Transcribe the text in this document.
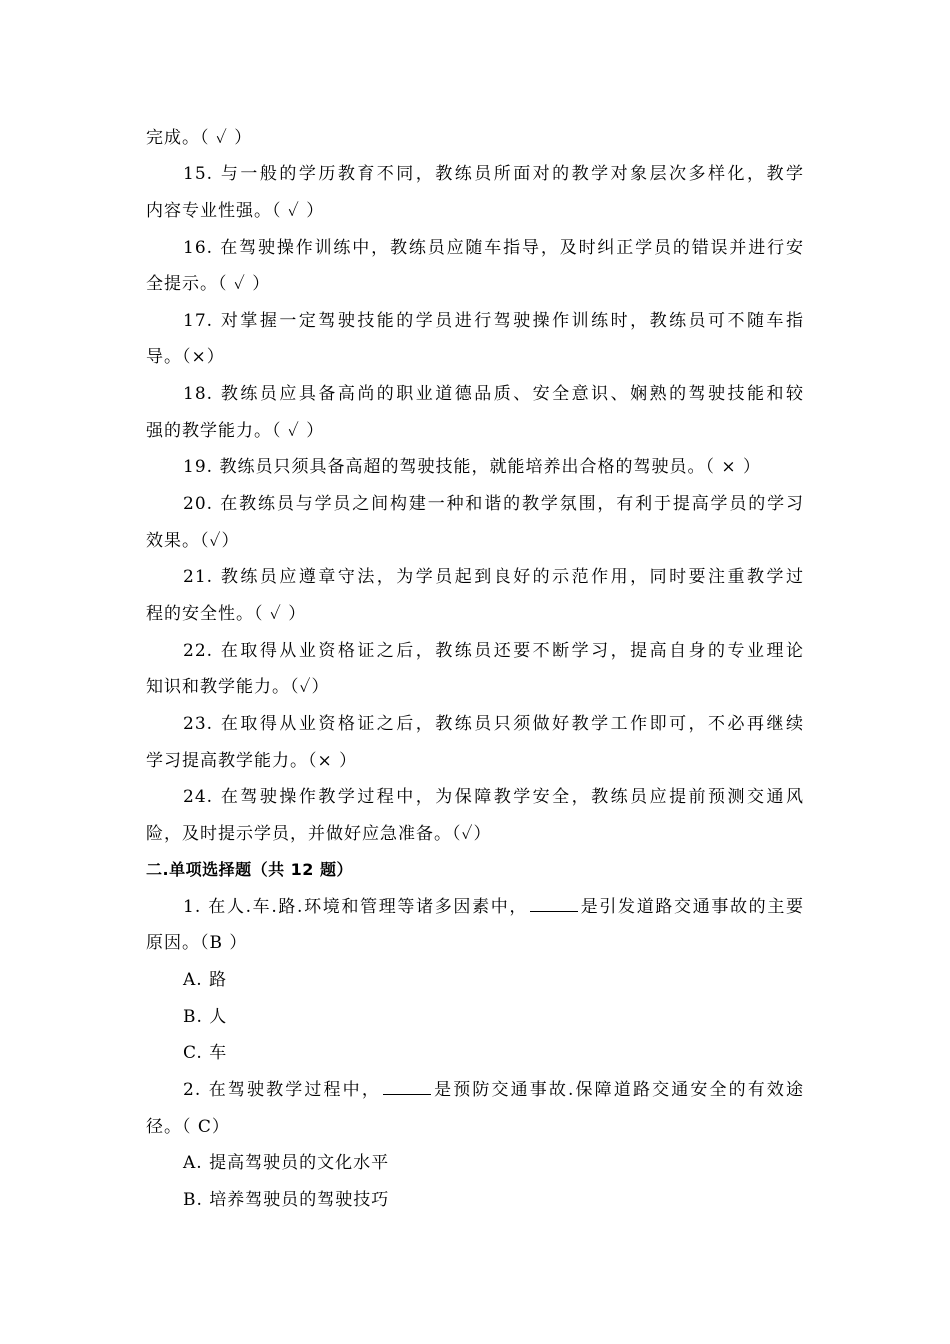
完成。（ ✓ ）
15. 与一般的学历教育不同，教练员所面对的教学对象层次多样化，教学
内容专业性强。（ ✓ ）
16. 在驾驶操作训练中，教练员应随车指导，及时纠正学员的错误并进行安
全提示。（ ✓ ）
17. 对掌握一定驾驶技能的学员进行驾驶操作训练时，教练员可不随车指
导。（×）
18. 教练员应具备高尚的职业道德品质、安全意识、娴熟的驾驶技能和较
强的教学能力。（ ✓ ）
19. 教练员只须具备高超的驾驶技能，就能培养出合格的驾驶员。（ × ）
20. 在教练员与学员之间构建一种和谐的教学氛围，有利于提高学员的学习
效果。（✓）
21. 教练员应遵章守法，为学员起到良好的示范作用，同时要注重教学过
程的安全性。（ ✓ ）
22. 在取得从业资格证之后，教练员还要不断学习，提高自身的专业理论
知识和教学能力。（✓）
23. 在取得从业资格证之后，教练员只须做好教学工作即可，不必再继续
学习提高教学能力。（× ）
24. 在驾驶操作教学过程中，为保障教学安全，教练员应提前预测交通风
险，及时提示学员，并做好应急准备。（✓）
二.单项选择题（共 12 题）
1. 在人.车.路.环境和管理等诸多因素中，	是引发道路交通事故的主要
原因。（B ）
A. 路
B. 人
C. 车
2. 在驾驶教学过程中，	是预防交通事故.保障道路交通安全的有效途
径。（ C）
A. 提高驾驶员的文化水平
B. 培养驾驶员的驾驶技巧
